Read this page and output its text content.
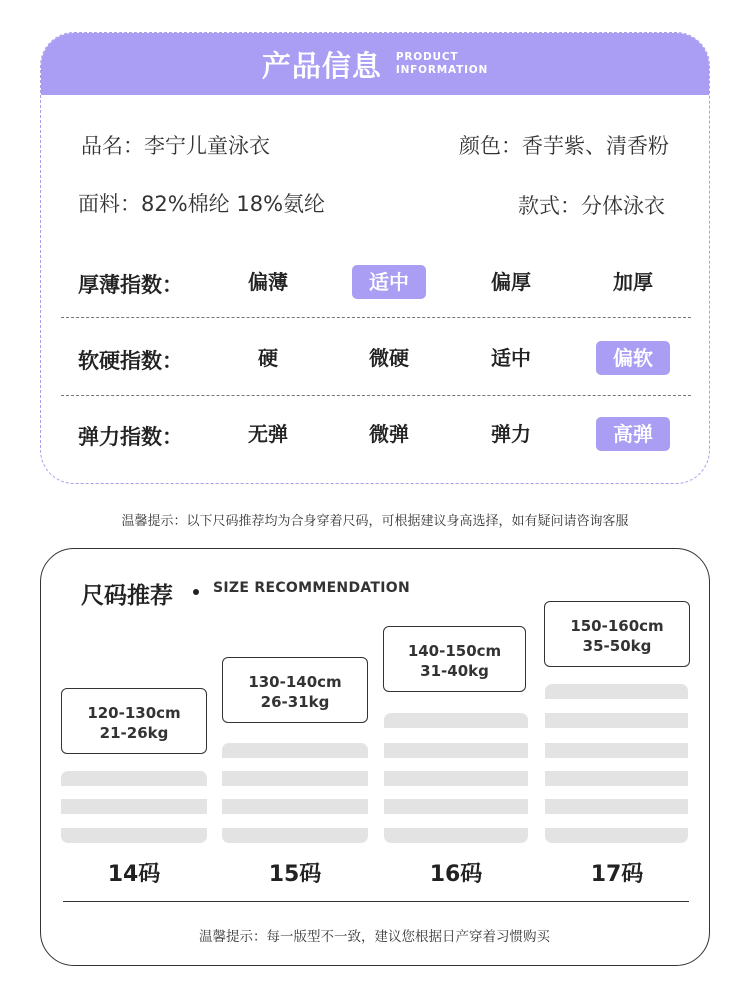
产品信息 PRODUCT
INFORMATION
品名：李宁儿童泳衣	颜色：香芋紫、清香粉
面料：82%棉纶 18%氨纶	款式：分体泳衣
厚薄指数：	偏薄	适中	偏厚	加厚
软硬指数：	硬	微硬	适中	偏软
弹力指数：	无弹	微弹	弹力	高弹
温馨提示：以下尺码推荐均为合身穿着尺码，可根据建议身高选择，如有疑问请咨询客服
尺码推荐	SIZE RECOMMENDATION
120-130cm
21-26kg
14码
130-140cm
26-31kg
15码
140-150cm
31-40kg
16码
150-160cm
35-50kg
17码
温馨提示：每一版型不一致，建议您根据日产穿着习惯购买
